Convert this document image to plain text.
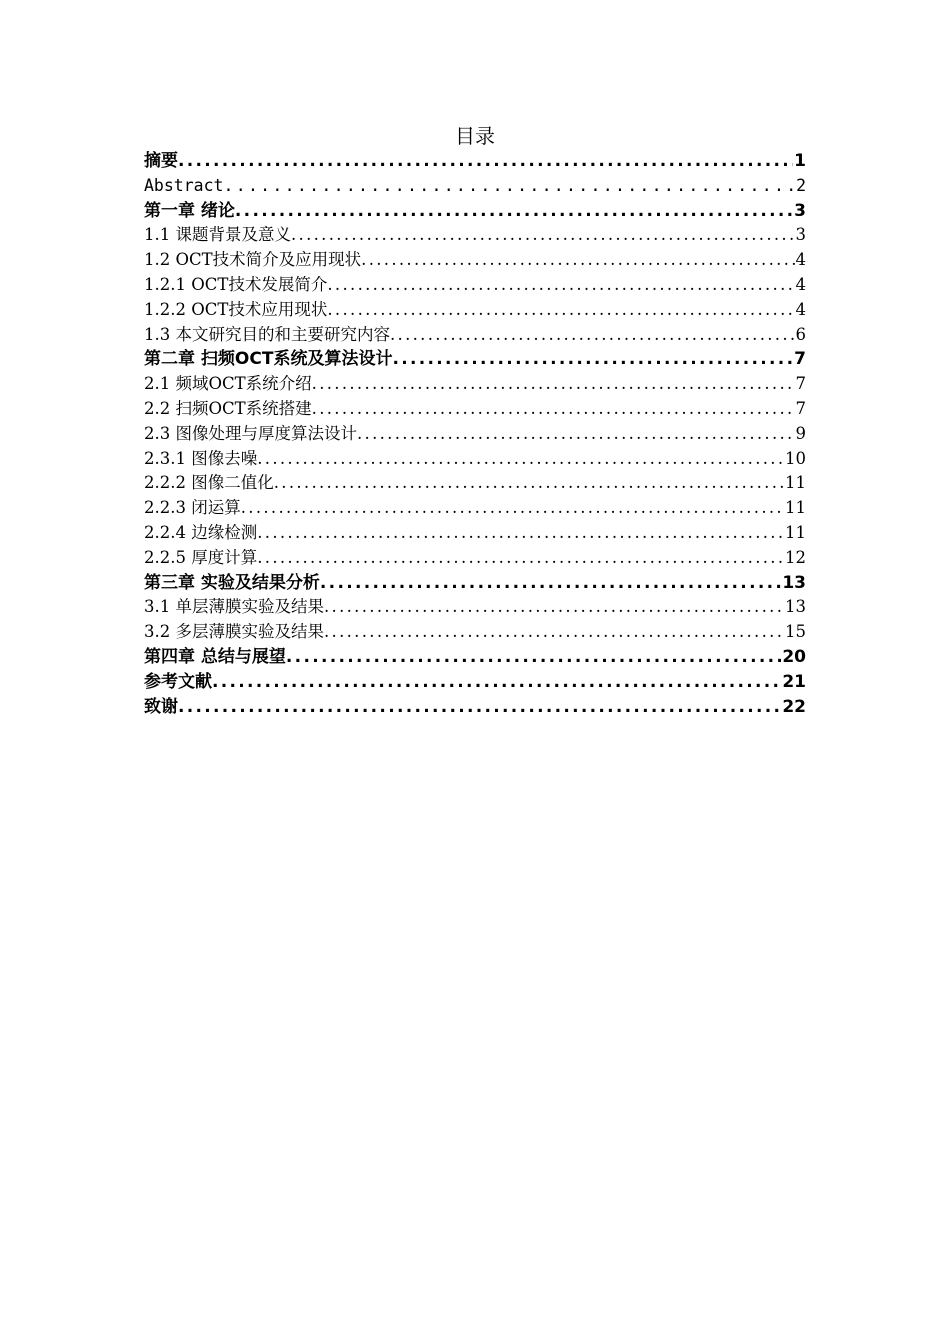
目录
摘要 .....	1
Abstract .....	2
第一章 绪论 .....	3
1.1 课题背景及意义 .....	3
1.2 OCT技术简介及应用现状 .....	4
1.2.1 OCT技术发展简介 .....	4
1.2.2 OCT技术应用现状 .....	4
1.3 本文研究目的和主要研究内容 .....	6
第二章 扫频OCT系统及算法设计 .....	7
2.1 频域OCT系统介绍 .....	7
2.2 扫频OCT系统搭建 .....	7
2.3 图像处理与厚度算法设计 .....	9
2.3.1 图像去噪 .....	10
2.2.2 图像二值化 .....	11
2.2.3 闭运算 .....	11
2.2.4 边缘检测 .....	11
2.2.5 厚度计算 .....	12
第三章 实验及结果分析 .....	13
3.1 单层薄膜实验及结果 .....	13
3.2 多层薄膜实验及结果 .....	15
第四章 总结与展望 .....	20
参考文献 .....	21
致谢 .....	22
